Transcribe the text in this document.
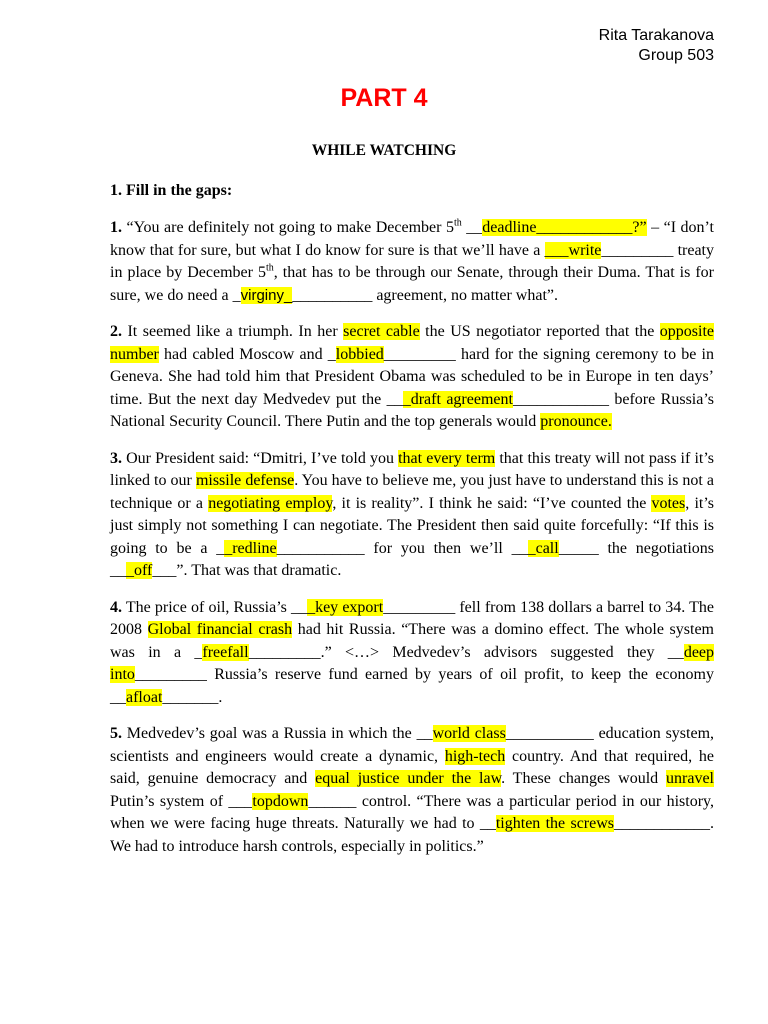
Rita Tarakanova
Group 503
PART 4
WHILE WATCHING
1. Fill in the gaps:

1. “You are definitely not going to make December 5th __deadline____________?” – “I don’t know that for sure, but what I do know for sure is that we’ll have a ___write_________ treaty in place by December 5th, that has to be through our Senate, through their Duma. That is for sure, we do need a _virginy___________ agreement, no matter what”.

2. It seemed like a triumph. In her secret cable the US negotiator reported that the opposite number had cabled Moscow and _lobbied_________ hard for the signing ceremony to be in Geneva. She had told him that President Obama was scheduled to be in Europe in ten days’ time. But the next day Medvedev put the ___draft agreement____________ before Russia’s National Security Council. There Putin and the top generals would pronounce.

3. Our President said: “Dmitri, I’ve told you that every term that this treaty will not pass if it’s linked to our missile defense. You have to believe me, you just have to understand this is not a technique or a negotiating employ, it is reality”. I think he said: “I’ve counted the votes, it’s just simply not something I can negotiate. The President then said quite forcefully: “If this is going to be a __redline___________ for you then we’ll ___call_____ the negotiations ___off___”. That was that dramatic.

4. The price of oil, Russia’s ___key export_________ fell from 138 dollars a barrel to 34. The 2008 Global financial crash had hit Russia. “There was a domino effect. The whole system was in a _freefall_________.” <…> Medvedev’s advisors suggested they __deep into_________ Russia’s reserve fund earned by years of oil profit, to keep the economy __afloat_______.

5. Medvedev’s goal was a Russia in which the __world class___________ education system, scientists and engineers would create a dynamic, high-tech country. And that required, he said, genuine democracy and equal justice under the law. These changes would unravel Putin’s system of ___topdown______ control. “There was a particular period in our history, when we were facing huge threats. Naturally we had to __tighten the screws____________. We had to introduce harsh controls, especially in politics.”
